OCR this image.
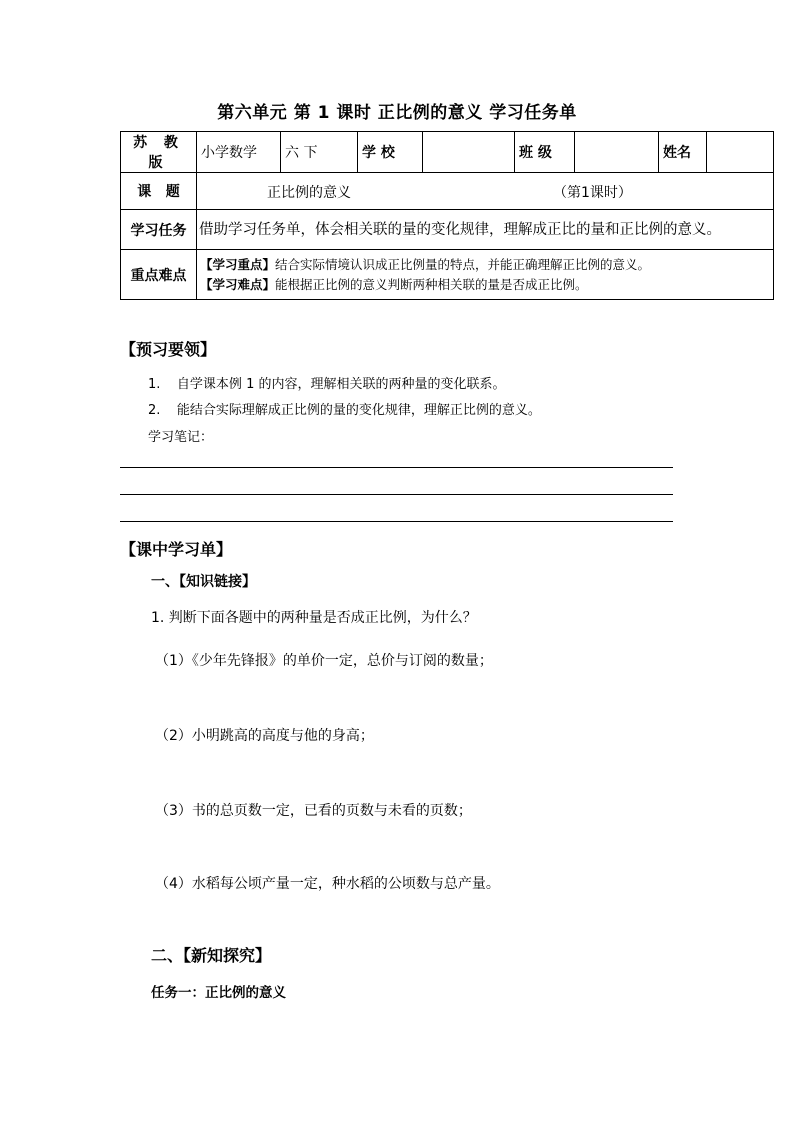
第六单元 第 1 课时 正比例的意义 学习任务单
苏 教 版	小学数学	六 下	学 校		班 级		姓名	
课   题	正比例的意义 （第1课时）							

学习任务	借助学习任务单，体会相关联的量的变化规律，理解成正比的量和正比例的意义。							
重点难点	【学习重点】结合实际情境认识成正比例量的特点，并能正确理解正比例的意义。
【学习难点】能根据正比例的意义判断两种相关联的量是否成正比例。							
【预习要领】
1.    自学课本例 1 的内容，理解相关联的两种量的变化联系。
2.    能结合实际理解成正比例的量的变化规律，理解正比例的意义。
学习笔记：
【课中学习单】
一、【知识链接】
1. 判断下面各题中的两种量是否成正比例，为什么？
（1）《少年先锋报》的单价一定，总价与订阅的数量；
（2）小明跳高的高度与他的身高；
（3）书的总页数一定，已看的页数与未看的页数；
（4）水稻每公顷产量一定，种水稻的公顷数与总产量。
二、【新知探究】
任务一：正比例的意义
